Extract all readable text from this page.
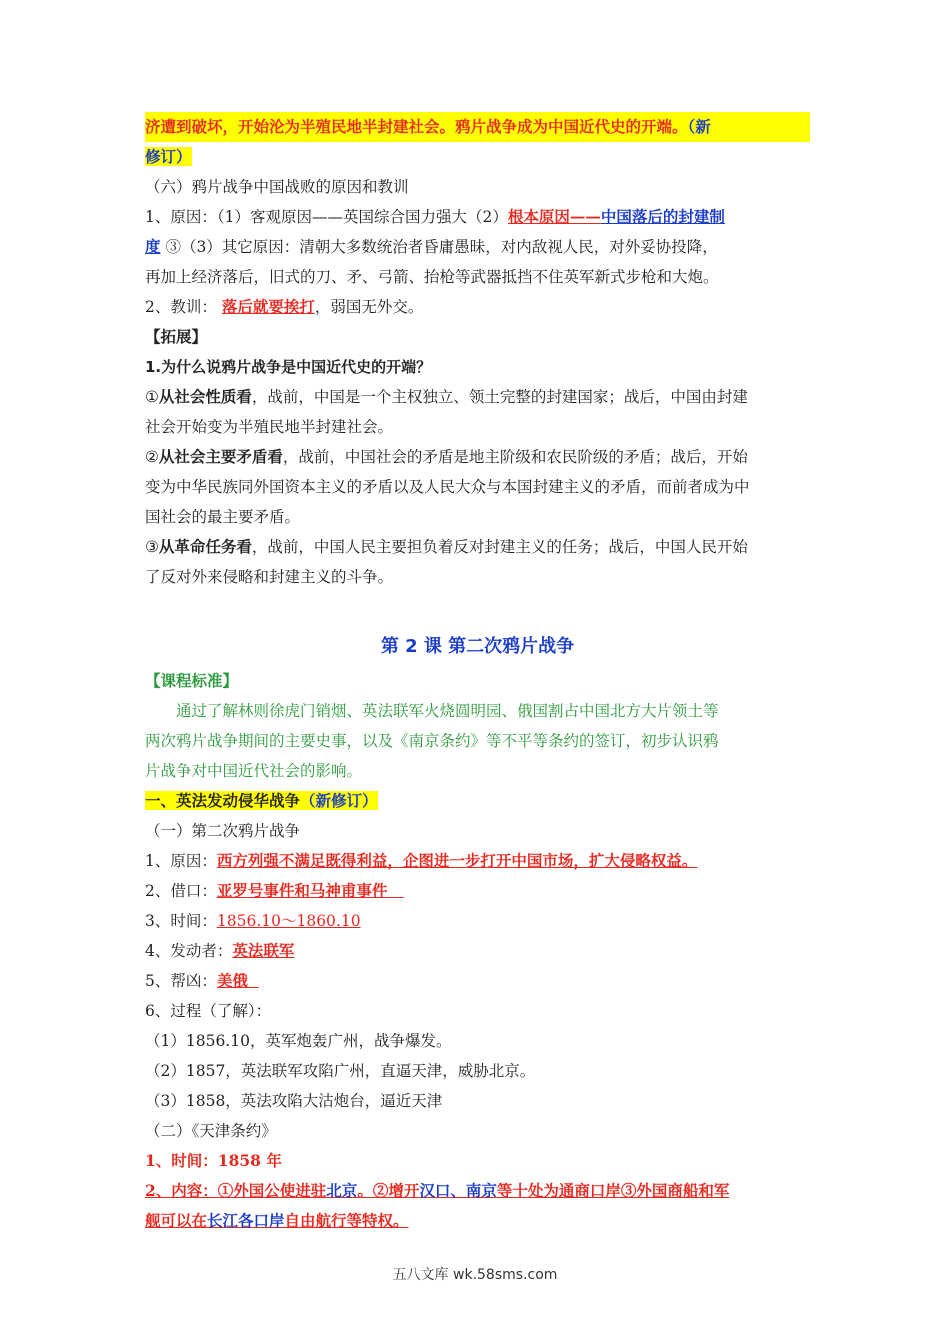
济遭到破坏，开始沦为半殖民地半封建社会。鸦片战争成为中国近代史的开端。（新

修订）

（六）鸦片战争中国战败的原因和教训

1、原因：（1）客观原因——英国综合国力强大（2）根本原因——中国落后的封建制

度 ③（3）其它原因：清朝大多数统治者昏庸愚昧，对内敌视人民，对外妥协投降，

再加上经济落后，旧式的刀、矛、弓箭、抬枪等武器抵挡不住英军新式步枪和大炮。

2、教训： 落后就要挨打，弱国无外交。

【拓展】

1.为什么说鸦片战争是中国近代史的开端？

①从社会性质看，战前，中国是一个主权独立、领土完整的封建国家；战后，中国由封建

社会开始变为半殖民地半封建社会。

②从社会主要矛盾看，战前，中国社会的矛盾是地主阶级和农民阶级的矛盾；战后，开始

变为中华民族同外国资本主义的矛盾以及人民大众与本国封建主义的矛盾，而前者成为中

国社会的最主要矛盾。

③从革命任务看，战前，中国人民主要担负着反对封建主义的任务；战后，中国人民开始

了反对外来侵略和封建主义的斗争。

第 2 课 第二次鸦片战争

【课程标准】

通过了解林则徐虎门销烟、英法联军火烧圆明园、俄国割占中国北方大片领土等

两次鸦片战争期间的主要史事，以及《南京条约》等不平等条约的签订，初步认识鸦

片战争对中国近代社会的影响。

一、英法发动侵华战争（新修订）

（一）第二次鸦片战争

1、原因：西方列强不满足既得利益，企图进一步打开中国市场，扩大侵略权益。

2、借口：亚罗号事件和马神甫事件

3、时间：1856.10～1860.10

4、发动者：英法联军

5、帮凶：美俄

6、过程（了解）：

（1）1856.10，英军炮轰广州，战争爆发。

（2）1857，英法联军攻陷广州，直逼天津，威胁北京。

（3）1858，英法攻陷大沽炮台，逼近天津

（二）《天津条约》

1、时间：1858 年

2、内容：①外国公使进驻北京。②增开汉口、南京等十处为通商口岸③外国商船和军

舰可以在长江各口岸自由航行等特权。

五八文库 wk.58sms.com
